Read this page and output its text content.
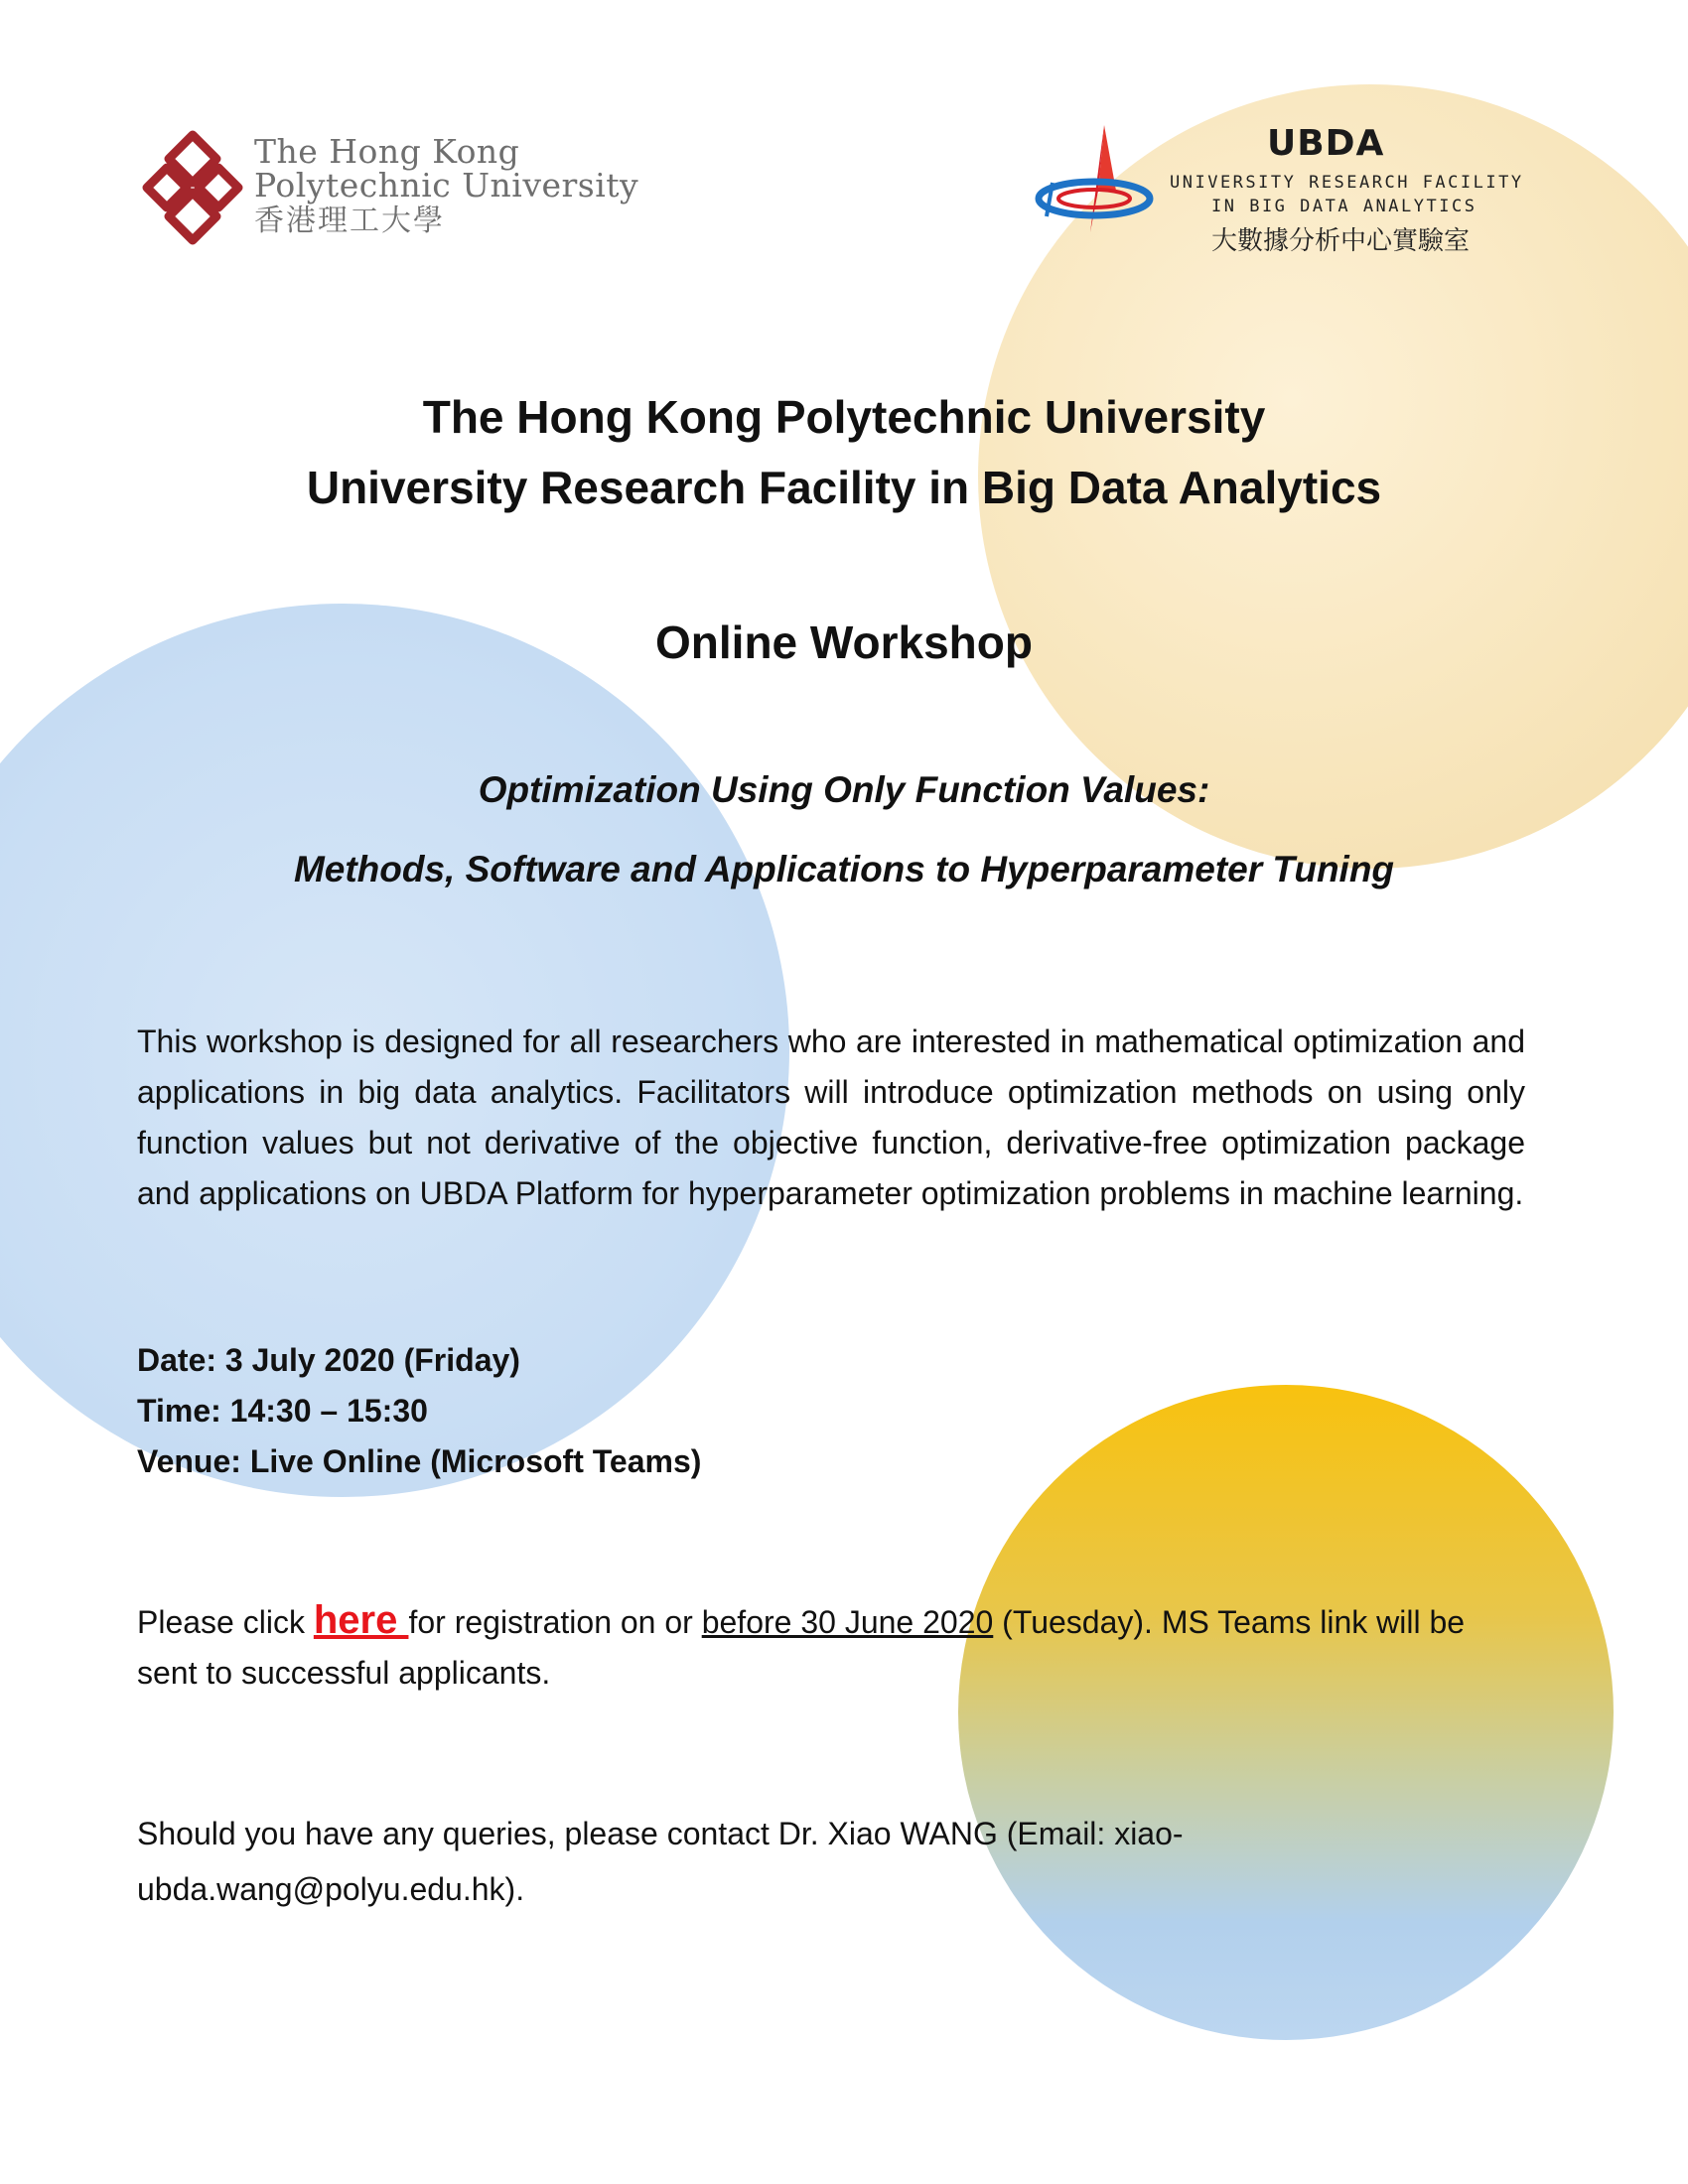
The Hong Kong
Polytechnic University
香港理工大學
UBDA
UNIVERSITY RESEARCH FACILITY
IN BIG DATA ANALYTICS
大數據分析中心實驗室
The Hong Kong Polytechnic University
University Research Facility in Big Data Analytics
Online Workshop
Optimization Using Only Function Values:
Methods, Software and Applications to Hyperparameter Tuning

This workshop is designed for all researchers who are interested in mathematical optimization and applications in big data analytics. Facilitators will introduce optimization methods on using only function values but not derivative of the objective function, derivative-free optimization package and applications on UBDA Platform for hyperparameter optimization problems in machine learning.

Date: 3 July 2020 (Friday)
Time: 14:30 – 15:30
Venue: Live Online (Microsoft Teams)

Please click here for registration on or before 30 June 2020 (Tuesday). MS Teams link will be sent to successful applicants.

Should you have any queries, please contact Dr. Xiao WANG (Email: xiao-ubda.wang@polyu.edu.hk).
